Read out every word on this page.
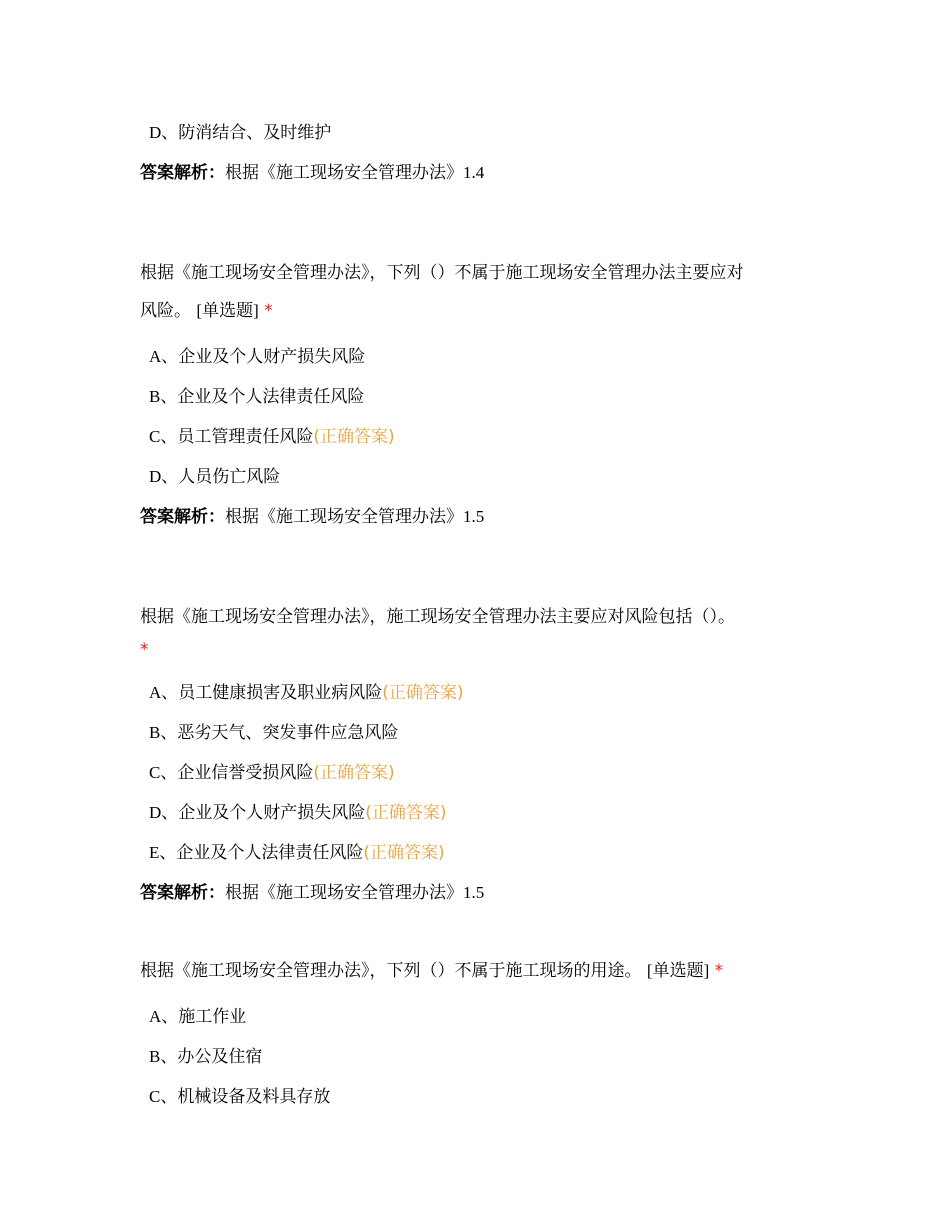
D、防消结合、及时维护
答案解析：根据《施工现场安全管理办法》1.4
根据《施工现场安全管理办法》，下列（）不属于施工现场安全管理办法主要应对
风险。 [单选题] *
A、企业及个人财产损失风险
B、企业及个人法律责任风险
C、员工管理责任风险(正确答案)
D、人员伤亡风险
答案解析：根据《施工现场安全管理办法》1.5
根据《施工现场安全管理办法》，施工现场安全管理办法主要应对风险包括（）。
*
A、员工健康损害及职业病风险(正确答案)
B、恶劣天气、突发事件应急风险
C、企业信誉受损风险(正确答案)
D、企业及个人财产损失风险(正确答案)
E、企业及个人法律责任风险(正确答案)
答案解析：根据《施工现场安全管理办法》1.5
根据《施工现场安全管理办法》，下列（）不属于施工现场的用途。 [单选题] *
A、施工作业
B、办公及住宿
C、机械设备及料具存放
